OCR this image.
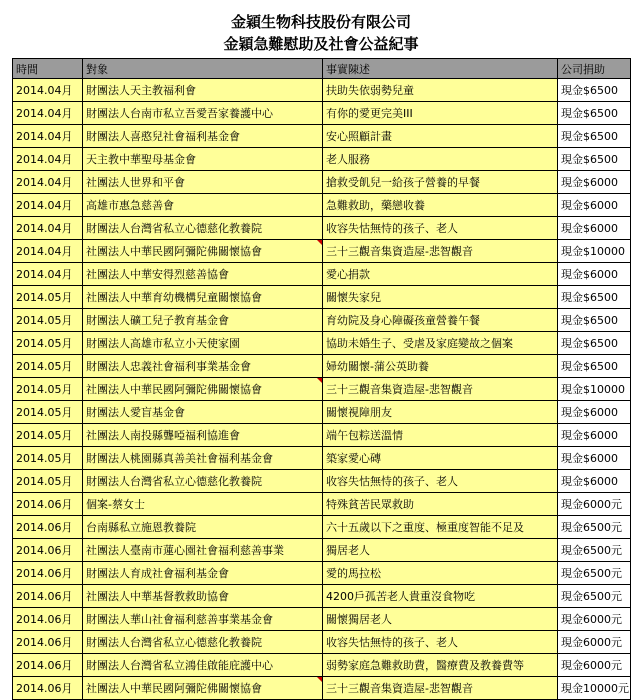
金穎生物科技股份有限公司
金穎急難慰助及社會公益紀事
時間	對象	事實陳述	公司捐助
2014.04月	財團法人天主教福利會	扶助失依弱勢兒童	現金$6500
2014.04月	財團法人台南市私立吾愛吾家養護中心	有你的愛更完美III	現金$6500
2014.04月	財團法人喜憨兒社會福利基金會	安心照顧計畫	現金$6500
2014.04月	天主教中華聖母基金會	老人服務	現金$6500
2014.04月	社團法人世界和平會	搶救受飢兒一給孩子營養的早餐	現金$6000
2014.04月	高雄市惠急慈善會	急難救助，藥戀收養	現金$6000
2014.04月	財團法人台灣省私立心德慈化教養院	收容失怙無恃的孩子、老人	現金$6000
2014.04月	社團法人中華民國阿彌陀佛關懷協會	三十三觀音集資造屋-悲智觀音	現金$10000
2014.04月	社團法人中華安得烈慈善協會	愛心捐款	現金$6000
2014.05月	社團法人中華育幼機構兒童關懷協會	關懷失家兒	現金$6500
2014.05月	財團法人礦工兒子教育基金會	育幼院及身心障礙孩童營養午餐	現金$6500
2014.05月	財團法人高雄市私立小天使家園	協助未婚生子、受虐及家庭變故之個案	現金$6500
2014.05月	財團法人忠義社會福利事業基金會	婦幼關懷-蒲公英助養	現金$6500
2014.05月	社團法人中華民國阿彌陀佛關懷協會	三十三觀音集資造屋-悲智觀音	現金$10000
2014.05月	財團法人愛盲基金會	關懷視障朋友	現金$6000
2014.05月	社團法人南投縣聾啞福利協進會	端午包粽送溫情	現金$6000
2014.05月	財團法人桃園縣真善美社會福利基金會	築家愛心磚	現金$6000
2014.05月	財團法人台灣省私立心德慈化教養院	收容失怙無恃的孩子、老人	現金$6000
2014.06月	個案-蔡女士	特殊貧苦民眾救助	現金6000元
2014.06月	台南縣私立施恩教養院	六十五歲以下之重度、極重度智能不足及	現金6500元
2014.06月	社團法人臺南市蓮心園社會福利慈善事業	獨居老人	現金6500元
2014.06月	財團法人育成社會福利基金會	愛的馬拉松	現金6500元
2014.06月	社團法人中華基督教救助協會	4200戶孤苦老人貴重沒食物吃	現金6500元
2014.06月	財團法人華山社會福利慈善事業基金會	關懷獨居老人	現金6000元
2014.06月	財團法人台灣省私立心德慈化教養院	收容失怙無恃的孩子、老人	現金6000元
2014.06月	財團法人台灣省私立鴻佳啟能庇護中心	弱勢家庭急難救助費，醫療費及教養費等	現金6000元
2014.06月	社團法人中華民國阿彌陀佛關懷協會	三十三觀音集資造屋-悲智觀音	現金10000元
